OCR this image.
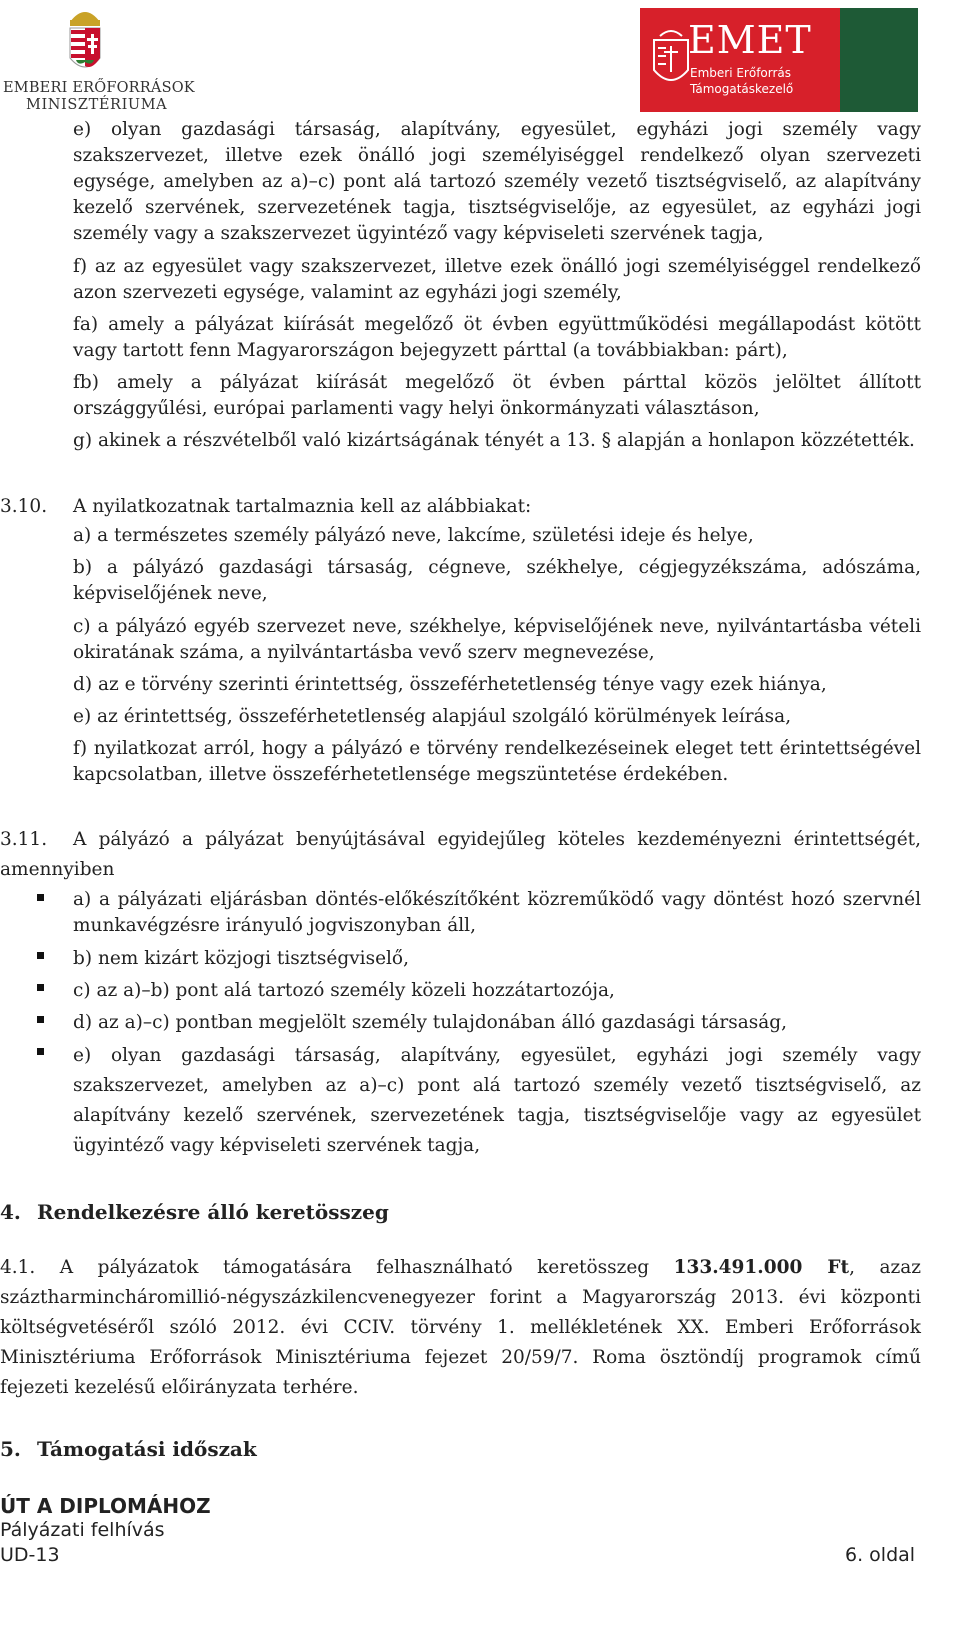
EMBERI ERŐFORRÁSOK
MINISZTÉRIUMA
EMET
Emberi Erőforrás
Támogatáskezelő

e) olyan gazdasági társaság, alapítvány, egyesület, egyházi jogi személy vagy szakszervezet, illetve ezek önálló jogi személyiséggel rendelkező olyan szervezeti egysége, amelyben az a)–c) pont alá tartozó személy vezető tisztségviselő, az alapítvány kezelő szervének, szervezetének tagja, tisztségviselője, az egyesület, az egyházi jogi személy vagy a szakszervezet ügyintéző vagy képviseleti szervének tagja,

f) az az egyesület vagy szakszervezet, illetve ezek önálló jogi személyiséggel rendelkező azon szervezeti egysége, valamint az egyházi jogi személy,

fa) amely a pályázat kiírását megelőző öt évben együttműködési megállapodást kötött vagy tartott fenn Magyarországon bejegyzett párttal (a továbbiakban: párt),

fb) amely a pályázat kiírását megelőző öt évben párttal közös jelöltet állított országgyűlési, európai parlamenti vagy helyi önkormányzati választáson,

g) akinek a részvételből való kizártságának tényét a 13. § alapján a honlapon közzétették.

3.10. A nyilatkozatnak tartalmaznia kell az alábbiakat:

a) a természetes személy pályázó neve, lakcíme, születési ideje és helye,

b) a pályázó gazdasági társaság, cégneve, székhelye, cégjegyzékszáma, adószáma, képviselőjének neve,

c) a pályázó egyéb szervezet neve, székhelye, képviselőjének neve, nyilvántartásba vételi okiratának száma, a nyilvántartásba vevő szerv megnevezése,

d) az e törvény szerinti érintettség, összeférhetetlenség ténye vagy ezek hiánya,

e) az érintettség, összeférhetetlenség alapjául szolgáló körülmények leírása,

f) nyilatkozat arról, hogy a pályázó e törvény rendelkezéseinek eleget tett érintettségével kapcsolatban, illetve összeférhetetlensége megszüntetése érdekében.

3.11. A pályázó a pályázat benyújtásával egyidejűleg köteles kezdeményezni érintettségét,

amennyiben

a) a pályázati eljárásban döntés-előkészítőként közreműködő vagy döntést hozó szervnél munkavégzésre irányuló jogviszonyban áll,

b) nem kizárt közjogi tisztségviselő,

c) az a)–b) pont alá tartozó személy közeli hozzátartozója,

d) az a)–c) pontban megjelölt személy tulajdonában álló gazdasági társaság,

e) olyan gazdasági társaság, alapítvány, egyesület, egyházi jogi személy vagy szakszervezet, amelyben az a)–c) pont alá tartozó személy vezető tisztségviselő, az alapítvány kezelő szervének, szervezetének tagja, tisztségviselője vagy az egyesület ügyintéző vagy képviseleti szervének tagja,

4. Rendelkezésre álló keretösszeg

4.1. A pályázatok támogatására felhasználható keretösszeg 133.491.000 Ft, azaz száztharmincháromillió-négyszázkilencvenegyezer forint a Magyarország 2013. évi központi költségvetéséről szóló 2012. évi CCIV. törvény 1. mellékletének XX. Emberi Erőforrások Minisztériuma Erőforrások Minisztériuma fejezet 20/59/7. Roma ösztöndíj programok című fejezeti kezelésű előirányzata terhére.

5. Támogatási időszak
ÚT A DIPLOMÁHOZ
Pályázati felhívás
UD-13	6. oldal
